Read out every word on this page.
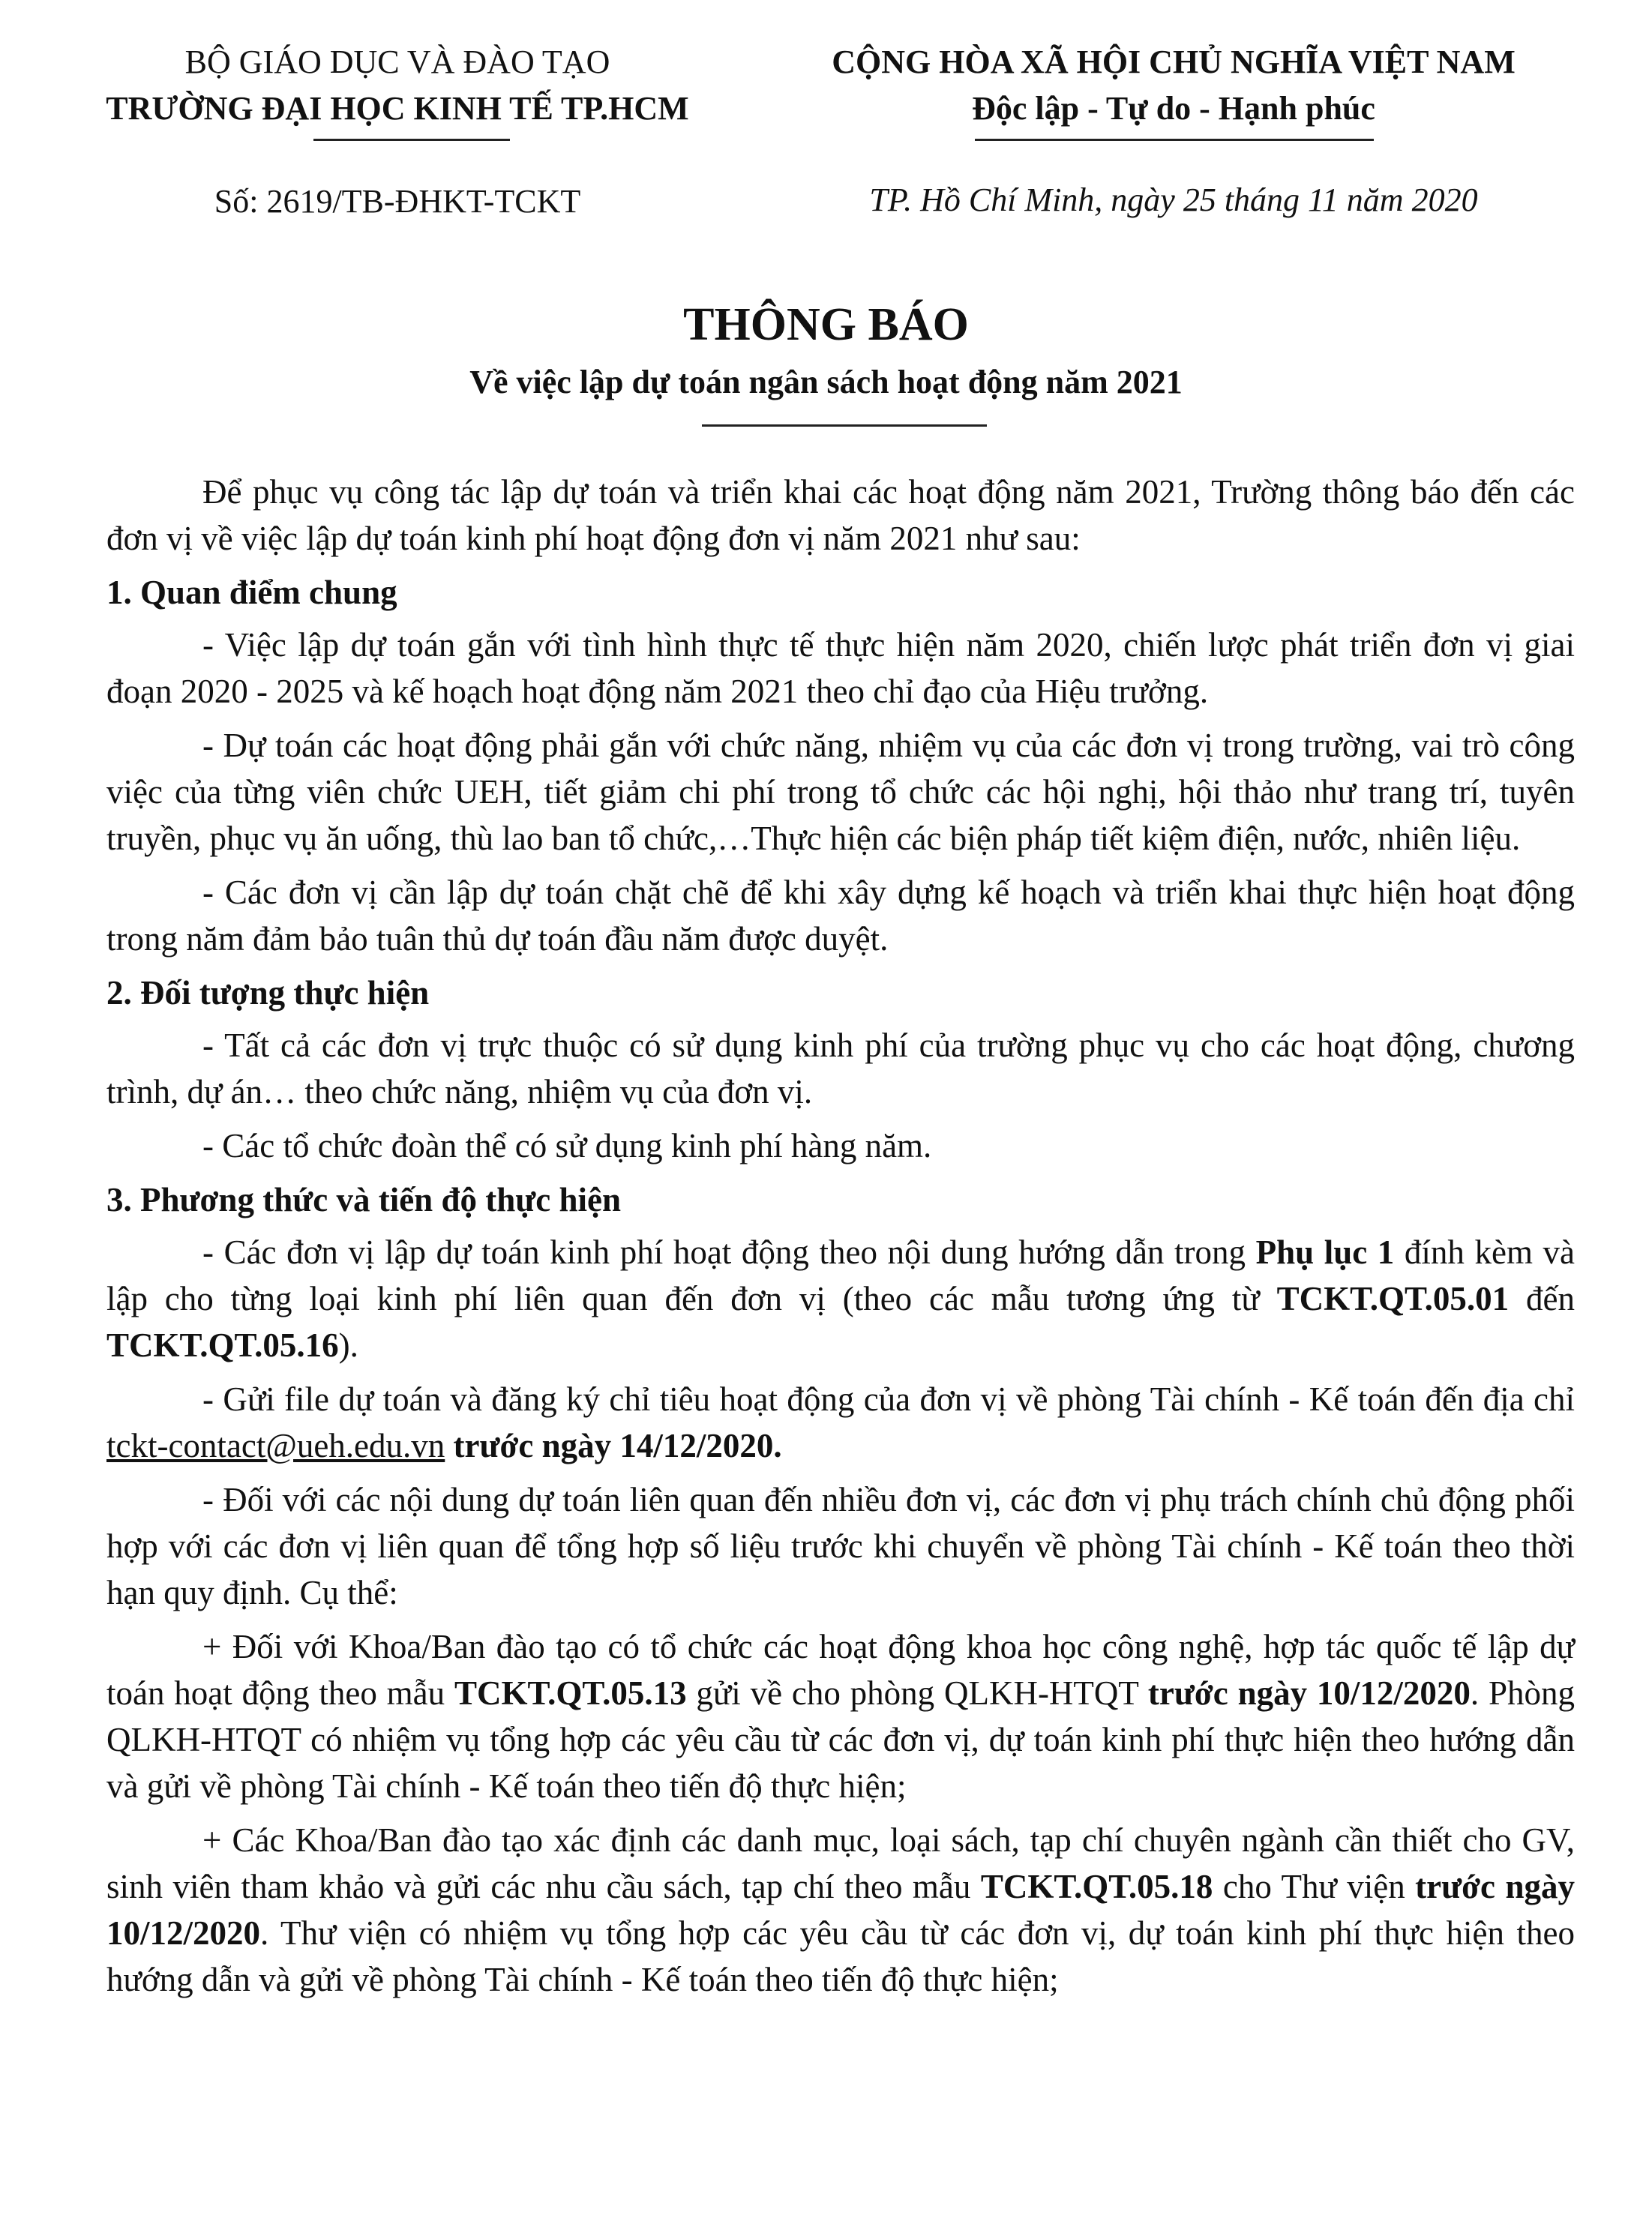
BỘ GIÁO DỤC VÀ ĐÀO TẠO
TRƯỜNG ĐẠI HỌC KINH TẾ TP.HCM
Số: 2619/TB-ĐHKT-TCKT
CỘNG HÒA XÃ HỘI CHỦ NGHĨA VIỆT NAM
Độc lập - Tự do - Hạnh phúc
TP. Hồ Chí Minh, ngày 25 tháng 11 năm 2020
THÔNG BÁO
Về việc lập dự toán ngân sách hoạt động năm 2021

Để phục vụ công tác lập dự toán và triển khai các hoạt động năm 2021, Trường thông báo đến các đơn vị về việc lập dự toán kinh phí hoạt động đơn vị năm 2021 như sau:

1. Quan điểm chung

- Việc lập dự toán gắn với tình hình thực tế thực hiện năm 2020, chiến lược phát triển đơn vị giai đoạn 2020 - 2025 và kế hoạch hoạt động năm 2021 theo chỉ đạo của Hiệu trưởng.

- Dự toán các hoạt động phải gắn với chức năng, nhiệm vụ của các đơn vị trong trường, vai trò công việc của từng viên chức UEH, tiết giảm chi phí trong tổ chức các hội nghị, hội thảo như trang trí, tuyên truyền, phục vụ ăn uống, thù lao ban tổ chức,…Thực hiện các biện pháp tiết kiệm điện, nước, nhiên liệu.

- Các đơn vị cần lập dự toán chặt chẽ để khi xây dựng kế hoạch và triển khai thực hiện hoạt động trong năm đảm bảo tuân thủ dự toán đầu năm được duyệt.

2. Đối tượng thực hiện

- Tất cả các đơn vị trực thuộc có sử dụng kinh phí của trường phục vụ cho các hoạt động, chương trình, dự án… theo chức năng, nhiệm vụ của đơn vị.

- Các tổ chức đoàn thể có sử dụng kinh phí hàng năm.

3. Phương thức và tiến độ thực hiện

- Các đơn vị lập dự toán kinh phí hoạt động theo nội dung hướng dẫn trong Phụ lục 1 đính kèm và lập cho từng loại kinh phí liên quan đến đơn vị (theo các mẫu tương ứng từ TCKT.QT.05.01 đến TCKT.QT.05.16).

- Gửi file dự toán và đăng ký chỉ tiêu hoạt động của đơn vị về phòng Tài chính - Kế toán đến địa chỉ tckt-contact@ueh.edu.vn trước ngày 14/12/2020.

- Đối với các nội dung dự toán liên quan đến nhiều đơn vị, các đơn vị phụ trách chính chủ động phối hợp với các đơn vị liên quan để tổng hợp số liệu trước khi chuyển về phòng Tài chính - Kế toán theo thời hạn quy định. Cụ thể:

+ Đối với Khoa/Ban đào tạo có tổ chức các hoạt động khoa học công nghệ, hợp tác quốc tế lập dự toán hoạt động theo mẫu TCKT.QT.05.13 gửi về cho phòng QLKH-HTQT trước ngày 10/12/2020. Phòng QLKH-HTQT có nhiệm vụ tổng hợp các yêu cầu từ các đơn vị, dự toán kinh phí thực hiện theo hướng dẫn và gửi về phòng Tài chính - Kế toán theo tiến độ thực hiện;

+ Các Khoa/Ban đào tạo xác định các danh mục, loại sách, tạp chí chuyên ngành cần thiết cho GV, sinh viên tham khảo và gửi các nhu cầu sách, tạp chí theo mẫu TCKT.QT.05.18 cho Thư viện trước ngày 10/12/2020. Thư viện có nhiệm vụ tổng hợp các yêu cầu từ các đơn vị, dự toán kinh phí thực hiện theo hướng dẫn và gửi về phòng Tài chính - Kế toán theo tiến độ thực hiện;
